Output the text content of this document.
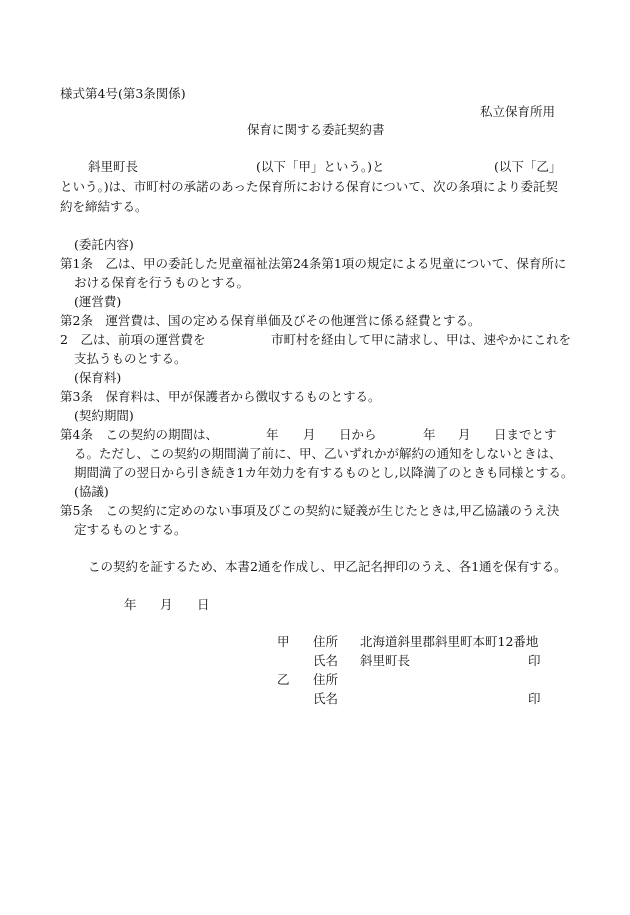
様式第4号(第3条関係)
私立保育所用
保育に関する委託契約書
斜里町長	(以下「甲」という。)と	(以下「乙」
という。)は、市町村の承諾のあった保育所における保育について、次の条項により委託契
約を締結する。
(委託内容)
第1条　乙は、甲の委託した児童福祉法第24条第1項の規定による児童について、保育所に
おける保育を行うものとする。
(運営費)
第2条　運営費は、国の定める保育単価及びその他運営に係る経費とする。
2　乙は、前項の運営費を	市町村を経由して甲に請求し、甲は、速やかにこれを
支払うものとする。
(保育料)
第3条　保育料は、甲が保護者から徴収するものとする。
(契約期間)
第4条　この契約の期間は、	年 月 日から	年 月 日までとす
る。ただし、この契約の期間満了前に、甲、乙いずれかが解約の通知をしないときは、
期間満了の翌日から引き続き1カ年効力を有するものとし,以降満了のときも同様とする。
(協議)
第5条　この契約に定めのない事項及びこの契約に疑義が生じたときは,甲乙協議のうえ決
定するものとする。
この契約を証するため、本書2通を作成し、甲乙記名押印のうえ、各1通を保有する。
年 月 日
甲 住所 北海道斜里郡斜里町本町12番地
氏名 斜里町長	印
乙 住所
氏名	印
